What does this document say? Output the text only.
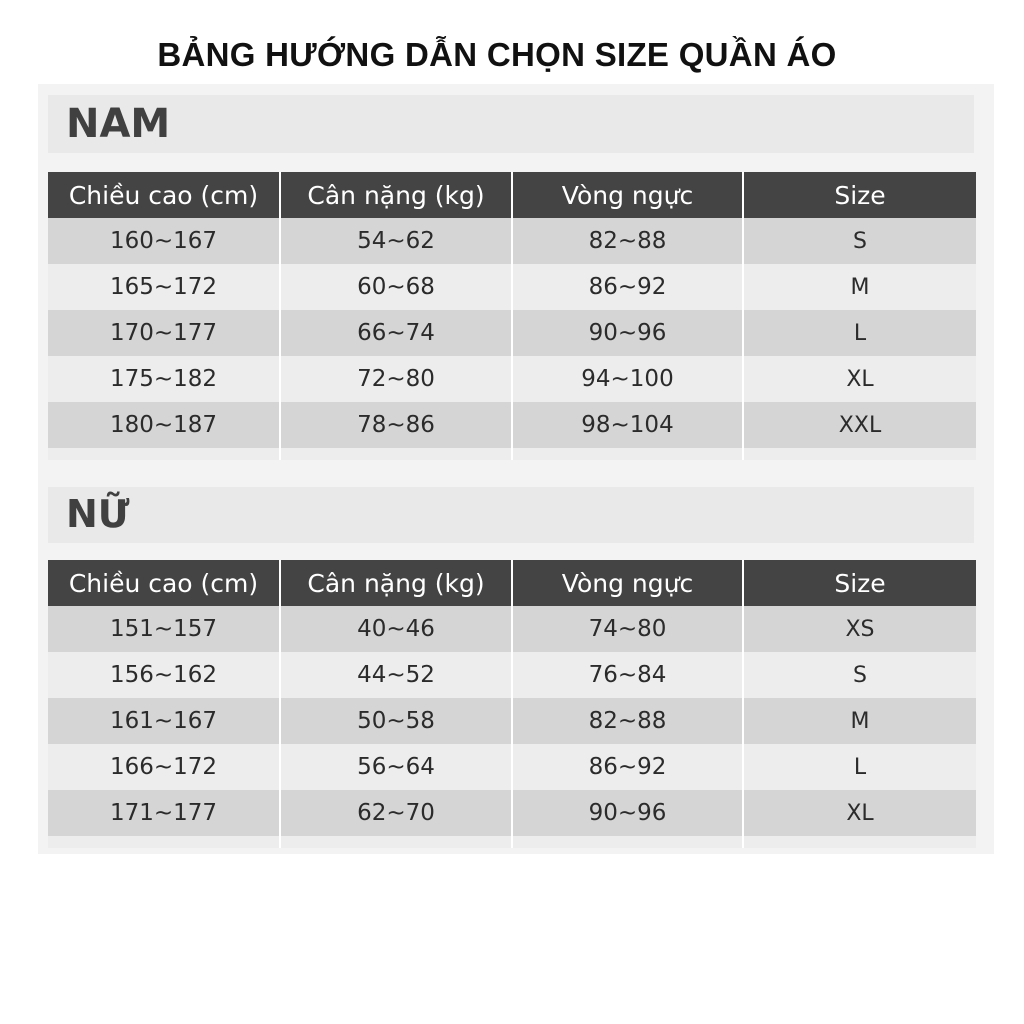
BẢNG HƯỚNG DẪN CHỌN SIZE QUẦN ÁO
NAM
Chiều cao (cm)	Cân nặng (kg)	Vòng ngực	Size
160~167	54~62	82~88	S
165~172	60~68	86~92	M
170~177	66~74	90~96	L
175~182	72~80	94~100	XL
180~187	78~86	98~104	XXL

NỮ
Chiều cao (cm)	Cân nặng (kg)	Vòng ngực	Size
151~157	40~46	74~80	XS
156~162	44~52	76~84	S
161~167	50~58	82~88	M
166~172	56~64	86~92	L
171~177	62~70	90~96	XL
